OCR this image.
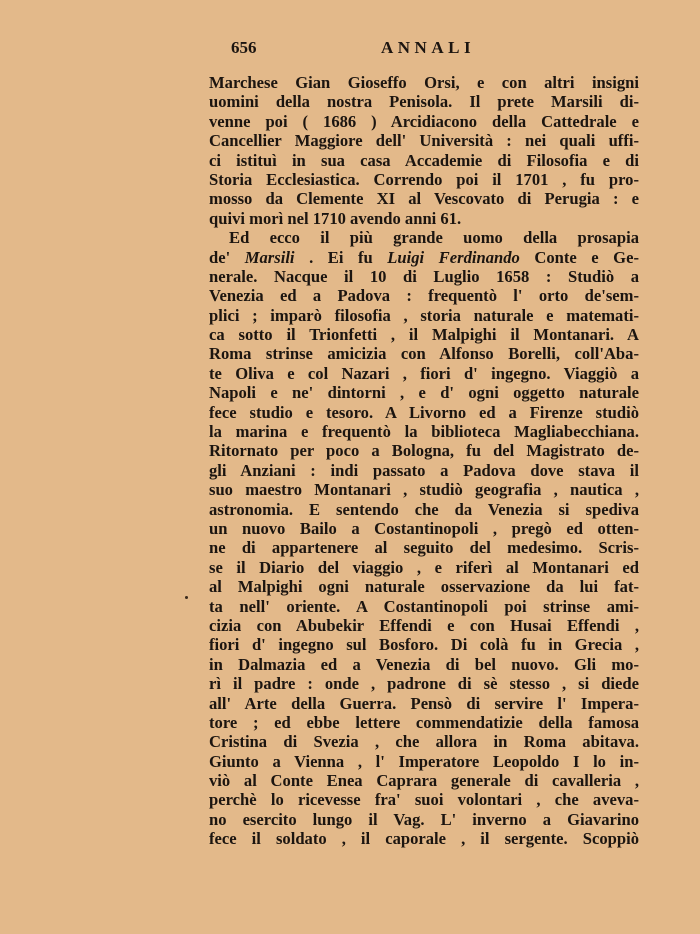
656	ANNALI
Marchese Gian Gioseffo Orsi, e con altri insigni
uomini della nostra Penisola. Il prete Marsili di-
venne poi ( 1686 ) Arcidiacono della Cattedrale e
Cancellier Maggiore dell' Università : nei quali uffi-
ci istituì in sua casa Accademie di Filosofia e di
Storia Ecclesiastica. Correndo poi il 1701 , fu pro-
mosso da Clemente XI al Vescovato di Perugia : e
quivi morì nel 1710 avendo anni 61.
Ed ecco il più grande uomo della prosapia
de' Marsili . Ei fu Luigi Ferdinando Conte e Ge-
nerale. Nacque il 10 di Luglio 1658 : Studiò a
Venezia ed a Padova : frequentò l' orto de'sem-
plici ; imparò filosofia , storia naturale e matemati-
ca sotto il Trionfetti , il Malpighi il Montanari. A
Roma strinse amicizia con Alfonso Borelli, coll'Aba-
te Oliva e col Nazari , fiori d' ingegno. Viaggiò a
Napoli e ne' dintorni , e d' ogni oggetto naturale
fece studio e tesoro. A Livorno ed a Firenze studiò
la marina e frequentò la biblioteca Magliabecchiana.
Ritornato per poco a Bologna, fu del Magistrato de-
gli Anziani : indi passato a Padova dove stava il
suo maestro Montanari , studiò geografia , nautica ,
astronomia. E sentendo che da Venezia si spediva
un nuovo Bailo a Costantinopoli , pregò ed otten-
ne di appartenere al seguito del medesimo. Scris-
se il Diario del viaggio , e riferì al Montanari ed
al Malpighi ogni naturale osservazione da lui fat-
ta nell' oriente. A Costantinopoli poi strinse ami-
cizia con Abubekir Effendi e con Husai Effendi ,
fiori d' ingegno sul Bosforo. Di colà fu in Grecia ,
in Dalmazia ed a Venezia di bel nuovo. Gli mo-
rì il padre : onde , padrone di sè stesso , si diede
all' Arte della Guerra. Pensò di servire l' Impera-
tore ; ed ebbe lettere commendatizie della famosa
Cristina di Svezia , che allora in Roma abitava.
Giunto a Vienna , l' Imperatore Leopoldo I lo in-
viò al Conte Enea Caprara generale di cavalleria ,
perchè lo ricevesse fra' suoi volontari , che aveva-
no esercito lungo il Vag. L' inverno a Giavarino
fece il soldato , il caporale , il sergente. Scoppiò
